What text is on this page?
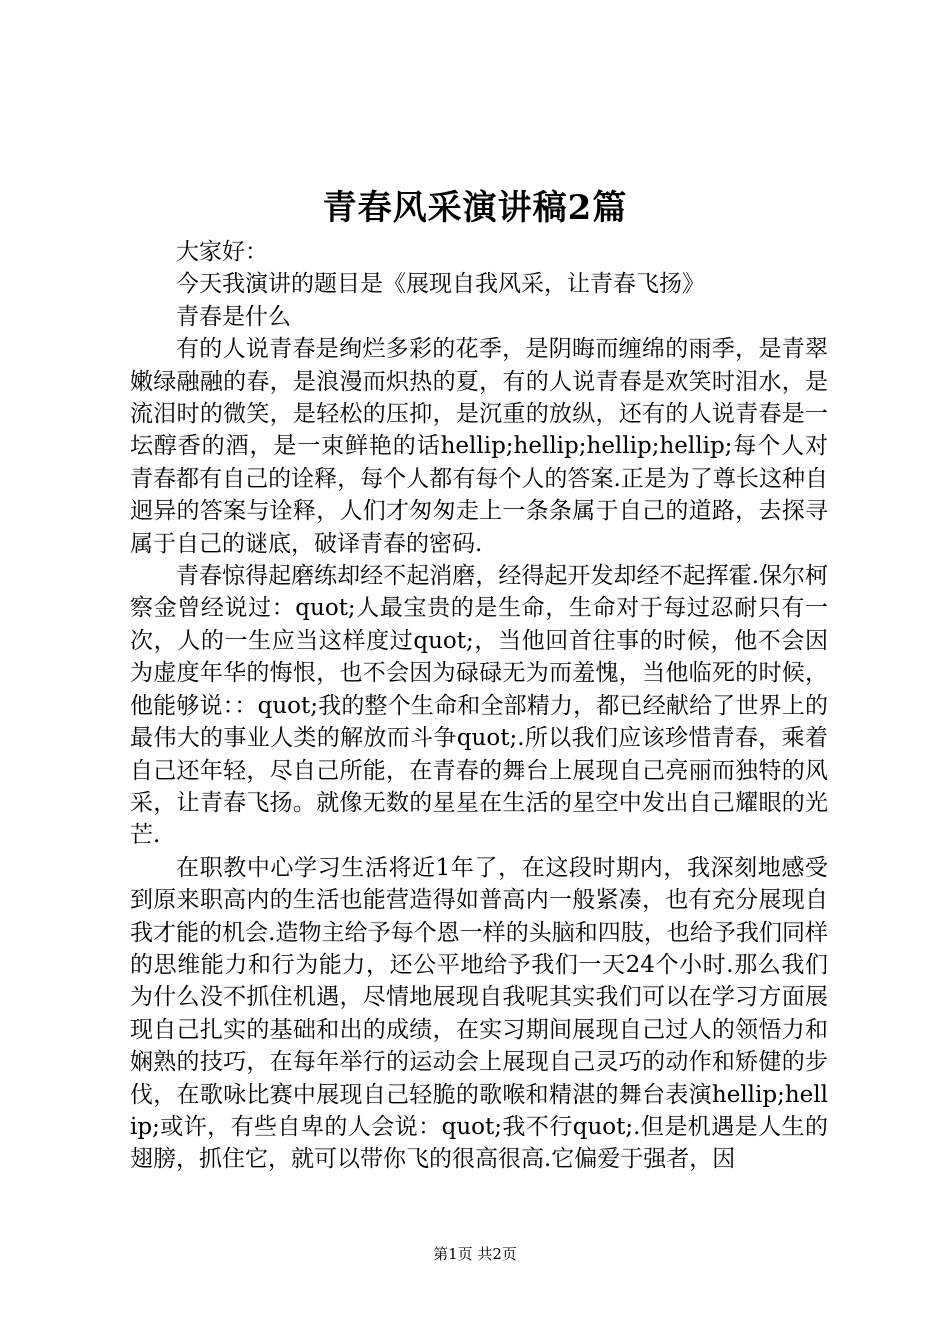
青春风采演讲稿2篇

大家好：

今天我演讲的题目是《展现自我风采，让青春飞扬》

青春是什么

有的人说青春是绚烂多彩的花季，是阴晦而缠绵的雨季，是青翠嫩绿融融的春，是浪漫而炽热的夏，有的人说青春是欢笑时泪水，是流泪时的微笑，是轻松的压抑，是沉重的放纵，还有的人说青春是一坛醇香的酒，是一束鲜艳的话hellip;hellip;hellip;hellip;每个人对青春都有自己的诠释，每个人都有每个人的答案.正是为了尊长这种自迥异的答案与诠释，人们才匆匆走上一条条属于自己的道路，去探寻属于自己的谜底，破译青春的密码.

青春惊得起磨练却经不起消磨，经得起开发却经不起挥霍.保尔柯察金曾经说过：quot;人最宝贵的是生命，生命对于每过忍耐只有一次，人的一生应当这样度过quot;，当他回首往事的时候，他不会因为虚度年华的悔恨，也不会因为碌碌无为而羞愧，当他临死的时候，他能够说：：quot;我的整个生命和全部精力，都已经献给了世界上的最伟大的事业人类的解放而斗争quot;.所以我们应该珍惜青春，乘着自己还年轻，尽自己所能，在青春的舞台上展现自己亮丽而独特的风采，让青春飞扬。就像无数的星星在生活的星空中发出自己耀眼的光芒.

在职教中心学习生活将近1年了，在这段时期内，我深刻地感受到原来职高内的生活也能营造得如普高内一般紧凑，也有充分展现自我才能的机会.造物主给予每个恩一样的头脑和四肢，也给予我们同样的思维能力和行为能力，还公平地给予我们一天24个小时.那么我们为什么没不抓住机遇，尽情地展现自我呢其实我们可以在学习方面展现自己扎实的基础和出的成绩，在实习期间展现自己过人的领悟力和娴熟的技巧，在每年举行的运动会上展现自己灵巧的动作和矫健的步伐，在歌咏比赛中展现自己轻脆的歌喉和精湛的舞台表演hellip;hellip;或许，有些自卑的人会说：quot;我不行quot;.但是机遇是人生的翅膀，抓住它，就可以带你飞的很高很高.它偏爱于强者，因

第1页 共2页
